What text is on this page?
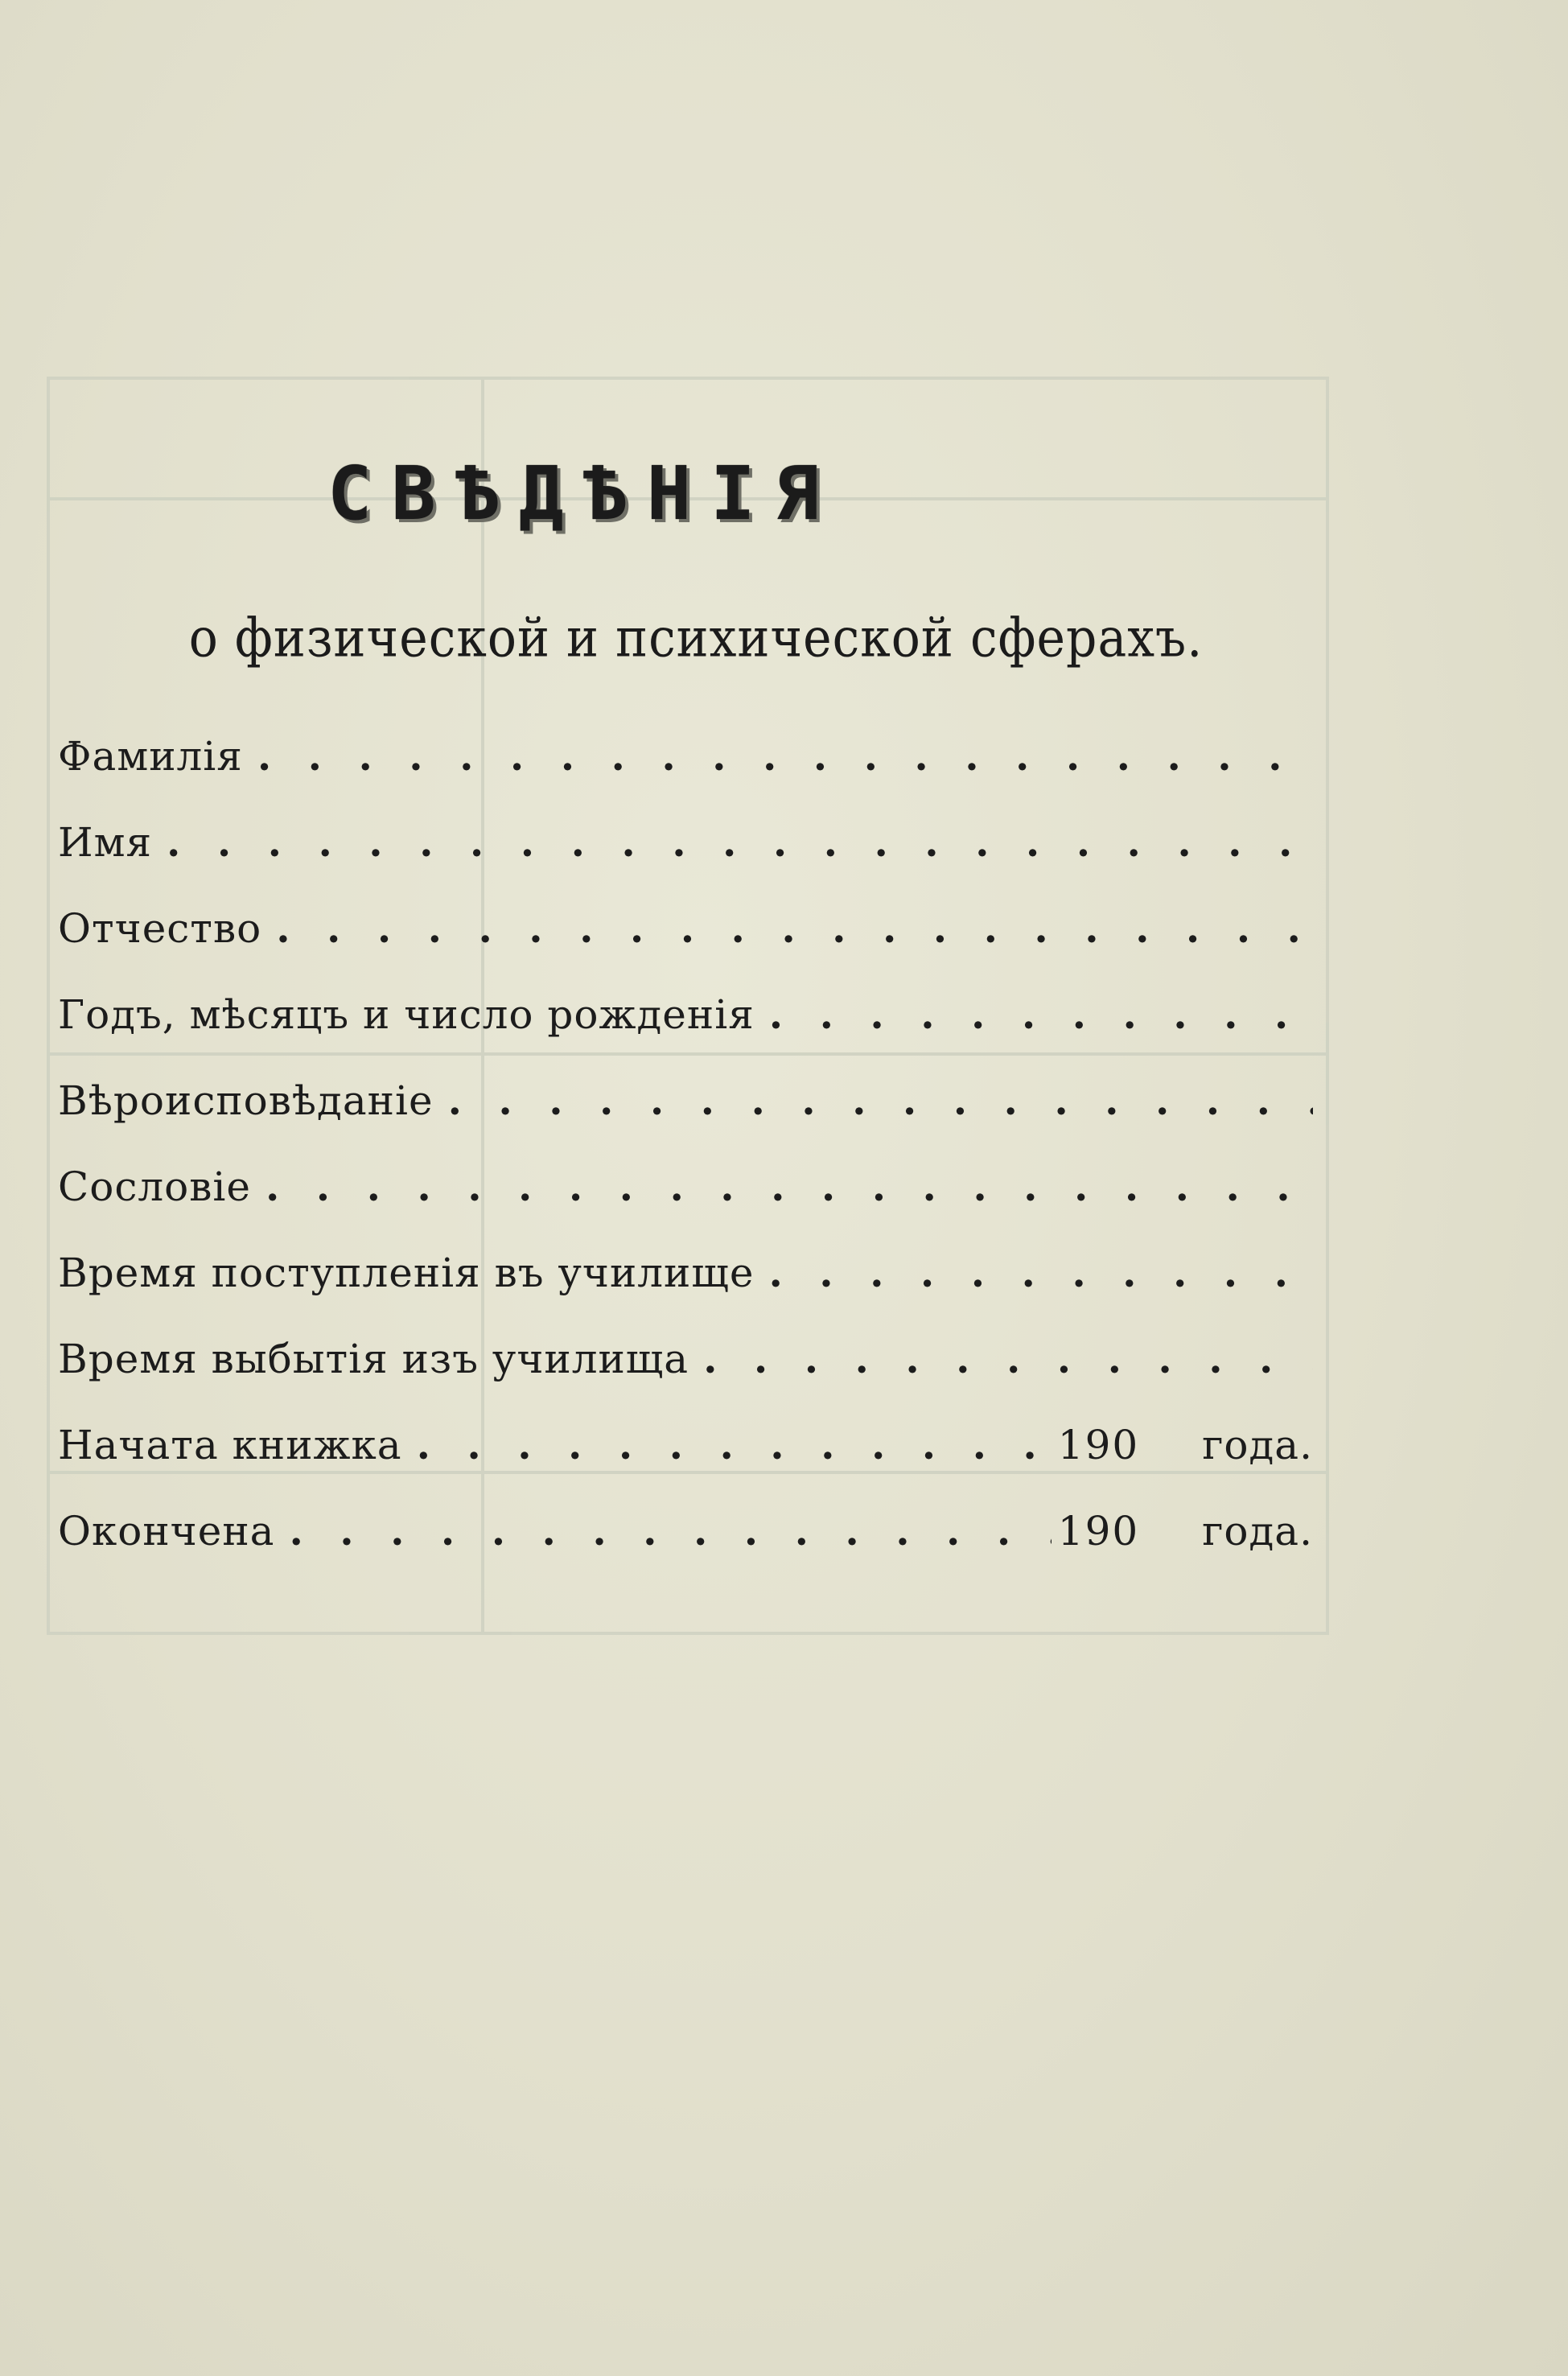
СВѢДѢНІЯ
о физической и психической сферахъ.
Фамилія
. . .
Имя
. . .
Отчество
. . .
Годъ, мѣсяцъ и число рожденія
. . .
Вѣроисповѣданіе
. . .
Сословіе
. . .
Время поступленія въ училище
. . .
Время выбытія изъ училища
. . .
Начата книжка . . .	190 года.
Окончена . . .	190 года.
